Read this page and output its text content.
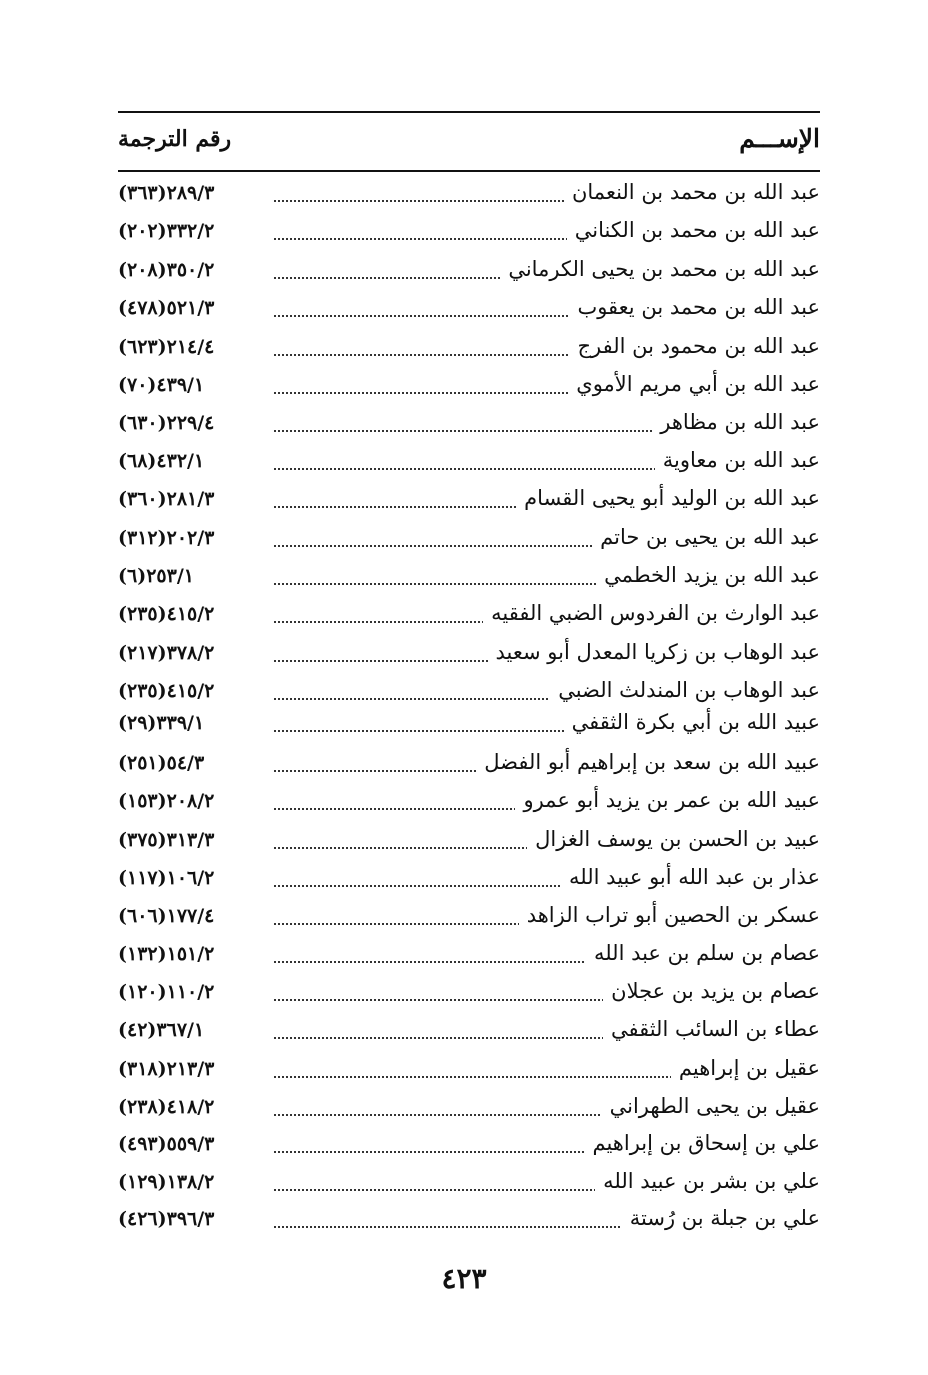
الإســـم
رقم الترجمة
عبد الله بن محمد بن النعمان
(٣٦٣)٢٨٩/٣
عبد الله بن محمد بن الكناني
(٢٠٢)٣٣٢/٢
عبد الله بن محمد بن يحيى الكرماني
(٢٠٨)٣٥٠/٢
عبد الله بن محمد بن يعقوب
(٤٧٨)٥٢١/٣
عبد الله بن محمود بن الفرج
(٦٢٣)٢١٤/٤
عبد الله بن أبي مريم الأموي
(٧٠)٤٣٩/١
عبد الله بن مظاهر
(٦٣٠)٢٢٩/٤
عبد الله بن معاوية
(٦٨)٤٣٢/١
عبد الله بن الوليد أبو يحيى القسام
(٣٦٠)٢٨١/٣
عبد الله بن يحيى بن حاتم
(٣١٢)٢٠٢/٣
عبد الله بن يزيد الخطمي
(٦)٢٥٣/١
عبد الوارث بن الفردوس الضبي الفقيه
(٢٣٥)٤١٥/٢
عبد الوهاب بن زكريا المعدل أبو سعيد
(٢١٧)٣٧٨/٢
عبد الوهاب بن المندلث الضبي
(٢٣٥)٤١٥/٢
عبيد الله بن أبي بكرة الثقفي
(٢٩)٣٣٩/١
عبيد الله بن سعد بن إبراهيم أبو الفضل
(٢٥١)٥٤/٣
عبيد الله بن عمر بن يزيد أبو عمرو
(١٥٣)٢٠٨/٢
عبيد بن الحسن بن يوسف الغزال
(٣٧٥)٣١٣/٣
عذار بن عبد الله أبو عبيد الله
(١١٧)١٠٦/٢
عسكر بن الحصين أبو تراب الزاهد
(٦٠٦)١٧٧/٤
عصام بن سلم بن عبد الله
(١٣٢)١٥١/٢
عصام بن يزيد بن عجلان
(١٢٠)١١٠/٢
عطاء بن السائب الثقفي
(٤٢)٣٦٧/١
عقيل بن إبراهيم
(٣١٨)٢١٣/٣
عقيل بن يحيى الطهراني
(٢٣٨)٤١٨/٢
علي بن إسحاق بن إبراهيم
(٤٩٣)٥٥٩/٣
علي بن بشر بن عبيد الله
(١٢٩)١٣٨/٢
علي بن جبلة بن رُستة
(٤٢٦)٣٩٦/٣
٤٢٣
